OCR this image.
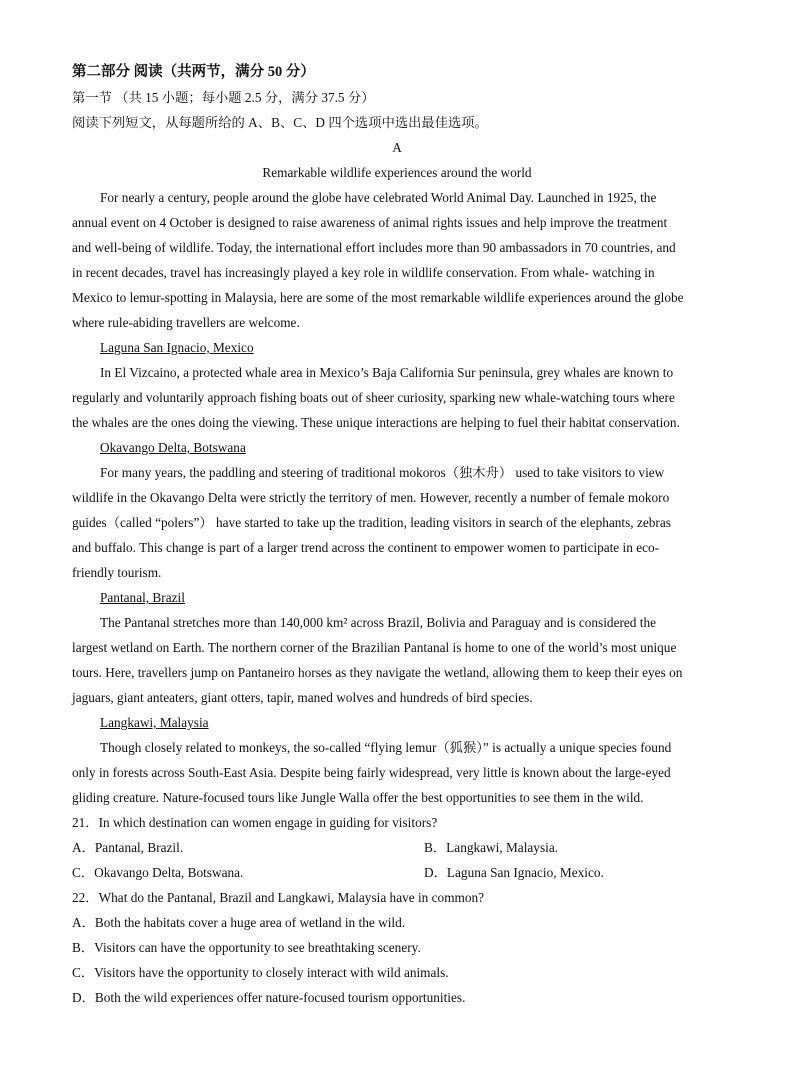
第二部分 阅读（共两节，满分 50 分）
第一节 （共 15 小题；每小题 2.5 分，满分 37.5 分）
阅读下列短文，从每题所给的 A、B、C、D 四个选项中选出最佳选项。
A
Remarkable wildlife experiences around the world
For nearly a century, people around the globe have celebrated World Animal Day. Launched in 1925, the
annual event on 4 October is designed to raise awareness of animal rights issues and help improve the treatment
and well-being of wildlife. Today, the international effort includes more than 90 ambassadors in 70 countries, and
in recent decades, travel has increasingly played a key role in wildlife conservation. From whale- watching in
Mexico to lemur-spotting in Malaysia, here are some of the most remarkable wildlife experiences around the globe
where rule-abiding travellers are welcome.
Laguna San Ignacio, Mexico
In El Vizcaino, a protected whale area in Mexico’s Baja California Sur peninsula, grey whales are known to
regularly and voluntarily approach fishing boats out of sheer curiosity, sparking new whale-watching tours where
the whales are the ones doing the viewing. These unique interactions are helping to fuel their habitat conservation.
Okavango Delta, Botswana
For many years, the paddling and steering of traditional mokoros（独木舟） used to take visitors to view
wildlife in the Okavango Delta were strictly the territory of men. However, recently a number of female mokoro
guides（called “polers”） have started to take up the tradition, leading visitors in search of the elephants, zebras
and buffalo. This change is part of a larger trend across the continent to empower women to participate in eco-
friendly tourism.
Pantanal, Brazil
The Pantanal stretches more than 140,000 km² across Brazil, Bolivia and Paraguay and is considered the
largest wetland on Earth. The northern corner of the Brazilian Pantanal is home to one of the world’s most unique
tours. Here, travellers jump on Pantaneiro horses as they navigate the wetland, allowing them to keep their eyes on
jaguars, giant anteaters, giant otters, tapir, maned wolves and hundreds of bird species.
Langkawi, Malaysia
Though closely related to monkeys, the so-called “flying lemur（狐猴）” is actually a unique species found
only in forests across South-East Asia. Despite being fairly widespread, very little is known about the large-eyed
gliding creature. Nature-focused tours like Jungle Walla offer the best opportunities to see them in the wild.
21．In which destination can women engage in guiding for visitors?
A．Pantanal, Brazil.	B．Langkawi, Malaysia.
C．Okavango Delta, Botswana.	D．Laguna San Ignacio, Mexico.
22．What do the Pantanal, Brazil and Langkawi, Malaysia have in common?
A．Both the habitats cover a huge area of wetland in the wild.
B．Visitors can have the opportunity to see breathtaking scenery.
C．Visitors have the opportunity to closely interact with wild animals.
D．Both the wild experiences offer nature-focused tourism opportunities.
